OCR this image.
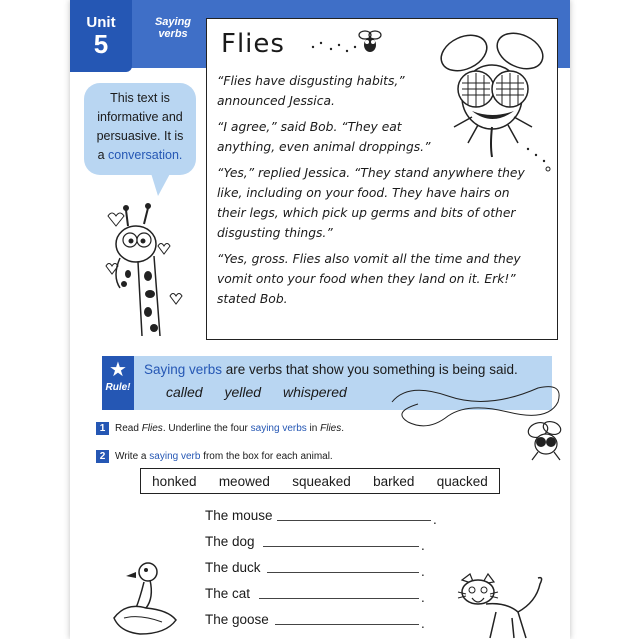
Unit
5
Saying verbs Flies

“Flies have disgusting habits,” announced Jessica.

“I agree,” said Bob. “They eat anything, even animal droppings.”

“Yes,” replied Jessica. “They stand anywhere they like, including on your food. They have hairs on their legs, which pick up germs and bits of other disgusting things.”

“Yes, gross. Flies also vomit all the time and they vomit onto your food when they land on it. Erk!” stated Bob.

This text is
informative and
persuasive. It is
a conversation.
★
Rule!
Saying verbs are verbs that show you something is being said.
called yelled whispered
1 Read Flies. Underline the four saying verbs in Flies.
2 Write a saying verb from the box for each animal.
honked meowed squeaked barked quacked
The mouse	.
The dog	.
The duck	.
The cat	.
The goose	.
